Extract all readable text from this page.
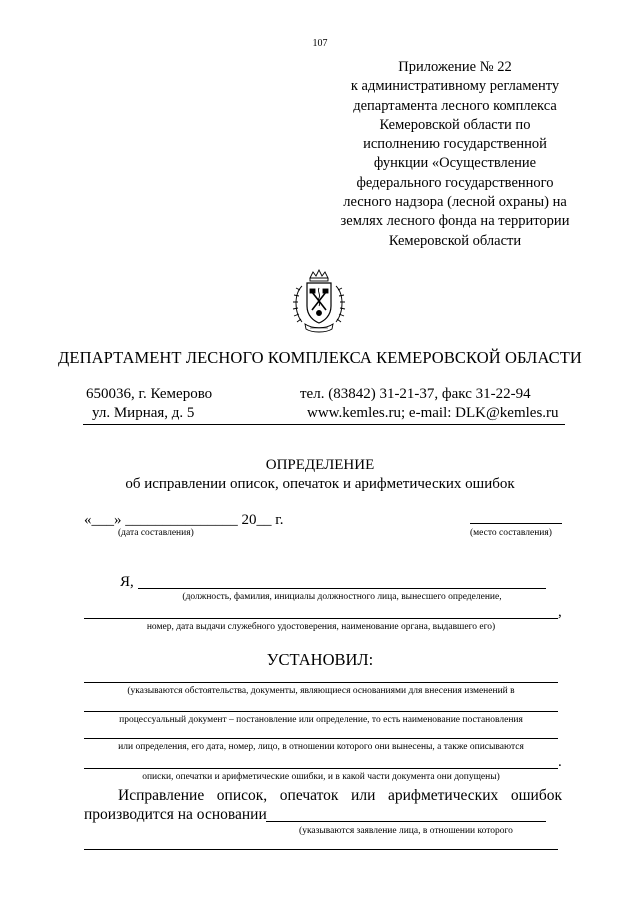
107
Приложение № 22
к административному регламенту
департамента лесного комплекса
Кемеровской области по
исполнению государственной
функции «Осуществление
федерального государственного
лесного надзора (лесной охраны) на
землях лесного фонда на территории
Кемеровской области
ДЕПАРТАМЕНТ ЛЕСНОГО КОМПЛЕКСА КЕМЕРОВСКОЙ ОБЛАСТИ
650036, г. Кемерово
ул. Мирная, д. 5
тел. (83842) 31-21-37, факс 31-22-94
www.kemles.ru; e-mail: DLK@kemles.ru
ОПРЕДЕЛЕНИЕ
об исправлении описок, опечаток и арифметических ошибок
«___» _______________ 20__ г.
(дата составления)	(место составления)
Я,
(должность, фамилия, инициалы должностного лица, вынесшего определение,
,
номер, дата выдачи служебного удостоверения, наименование органа, выдавшего его)
УСТАНОВИЛ:
(указываются обстоятельства, документы, являющиеся основаниями для внесения изменений в
процессуальный документ – постановление или определение, то есть наименование постановления
или определения, его дата, номер, лицо, в отношении которого они вынесены, а также описываются
.
описки, опечатки и арифметические ошибки, и в какой части документа они допущены)
Исправление описок, опечаток или арифметических ошибок
производится на основании
(указываются заявление лица, в отношении которого
